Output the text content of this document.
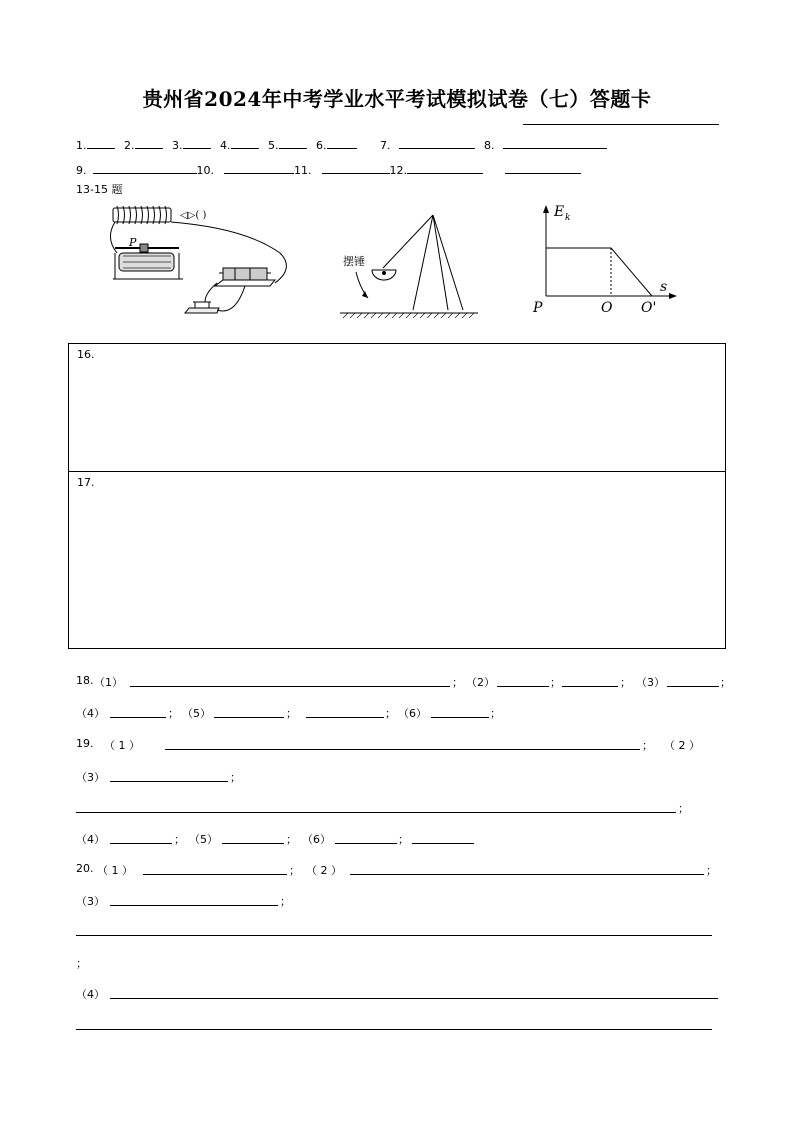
贵州省2024年中考学业水平考试模拟试卷（七）答题卡
1.	2.	3.	4.	5.	6.	7.	8.
9.	10.	11.	12.
13-15 题
◁▷( )
P
摆锤
E k
s
P	O O'
16.
17.
18. （1）	； （2）	；	； （3）	；
（4）	； （5）	；	； （6）	；
19. （ 1 ）	； （ 2 ）
（3）	；
；
（4）	； （5）	； （6）	；
20. （ 1 ）	； （ 2 ）	；
（3）	；
；
（4）
